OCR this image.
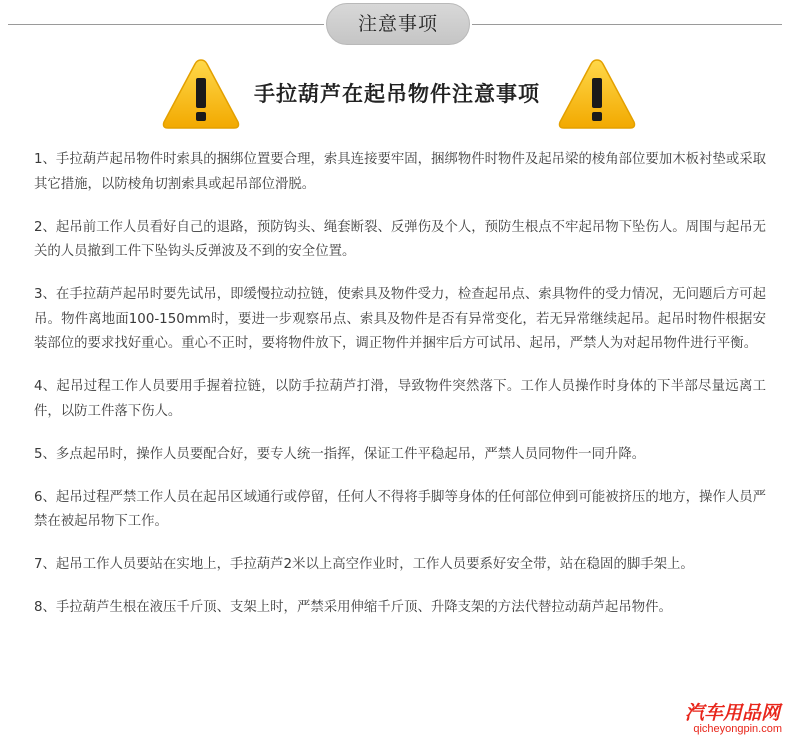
注意事项
手拉葫芦在起吊物件注意事项

1、手拉葫芦起吊物件时索具的捆绑位置要合理，索具连接要牢固，捆绑物件时物件及起吊梁的棱角部位要加木板衬垫或采取其它措施，以防棱角切割索具或起吊部位滑脱。

2、起吊前工作人员看好自己的退路，预防钩头、绳套断裂、反弹伤及个人，预防生根点不牢起吊物下坠伤人。周围与起吊无关的人员撤到工件下坠钩头反弹波及不到的安全位置。

3、在手拉葫芦起吊时要先试吊，即缓慢拉动拉链，使索具及物件受力，检查起吊点、索具物件的受力情况，无问题后方可起吊。物件离地面100-150mm时，要进一步观察吊点、索具及物件是否有异常变化，若无异常继续起吊。起吊时物件根据安装部位的要求找好重心。重心不正时，要将物件放下，调正物件并捆牢后方可试吊、起吊，严禁人为对起吊物件进行平衡。

4、起吊过程工作人员要用手握着拉链，以防手拉葫芦打滑，导致物件突然落下。工作人员操作时身体的下半部尽量远离工件，以防工件落下伤人。

5、多点起吊时，操作人员要配合好，要专人统一指挥，保证工件平稳起吊，严禁人员同物件一同升降。

6、起吊过程严禁工作人员在起吊区域通行或停留，任何人不得将手脚等身体的任何部位伸到可能被挤压的地方，操作人员严禁在被起吊物下工作。

7、起吊工作人员要站在实地上，手拉葫芦2米以上高空作业时，工作人员要系好安全带，站在稳固的脚手架上。

8、手拉葫芦生根在液压千斤顶、支架上时，严禁采用伸缩千斤顶、升降支架的方法代替拉动葫芦起吊物件。

汽车用品网
qicheyongpin.com
